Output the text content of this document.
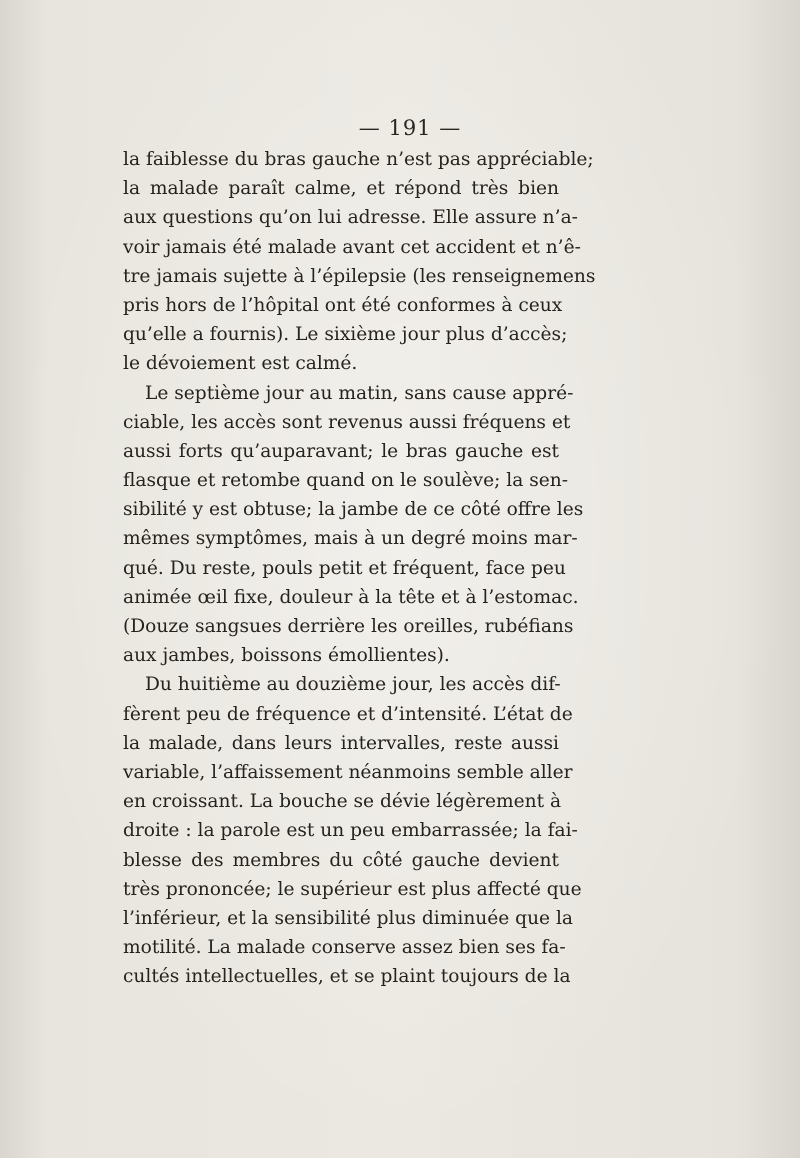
— 191 —
la faiblesse du bras gauche n’est pas appréciable;
la malade paraît calme, et répond très bien
aux questions qu’on lui adresse. Elle assure n’a-
voir jamais été malade avant cet accident et n’ê-
tre jamais sujette à l’épilepsie (les renseignemens
pris hors de l’hôpital ont été conformes à ceux
qu’elle a fournis). Le sixième jour plus d’accès;
le dévoiement est calmé.
Le septième jour au matin, sans cause appré-
ciable, les accès sont revenus aussi fréquens et
aussi forts qu’auparavant; le bras gauche est
flasque et retombe quand on le soulève; la sen-
sibilité y est obtuse; la jambe de ce côté offre les
mêmes symptômes, mais à un degré moins mar-
qué. Du reste, pouls petit et fréquent, face peu
animée œil fixe, douleur à la tête et à l’estomac.
(Douze sangsues derrière les oreilles, rubéfians
aux jambes, boissons émollientes).
Du huitième au douzième jour, les accès dif-
fèrent peu de fréquence et d’intensité. L’état de
la malade, dans leurs intervalles, reste aussi
variable, l’affaissement néanmoins semble aller
en croissant. La bouche se dévie légèrement à
droite : la parole est un peu embarrassée; la fai-
blesse des membres du côté gauche devient
très prononcée; le supérieur est plus affecté que
l’inférieur, et la sensibilité plus diminuée que la
motilité. La malade conserve assez bien ses fa-
cultés intellectuelles, et se plaint toujours de la
